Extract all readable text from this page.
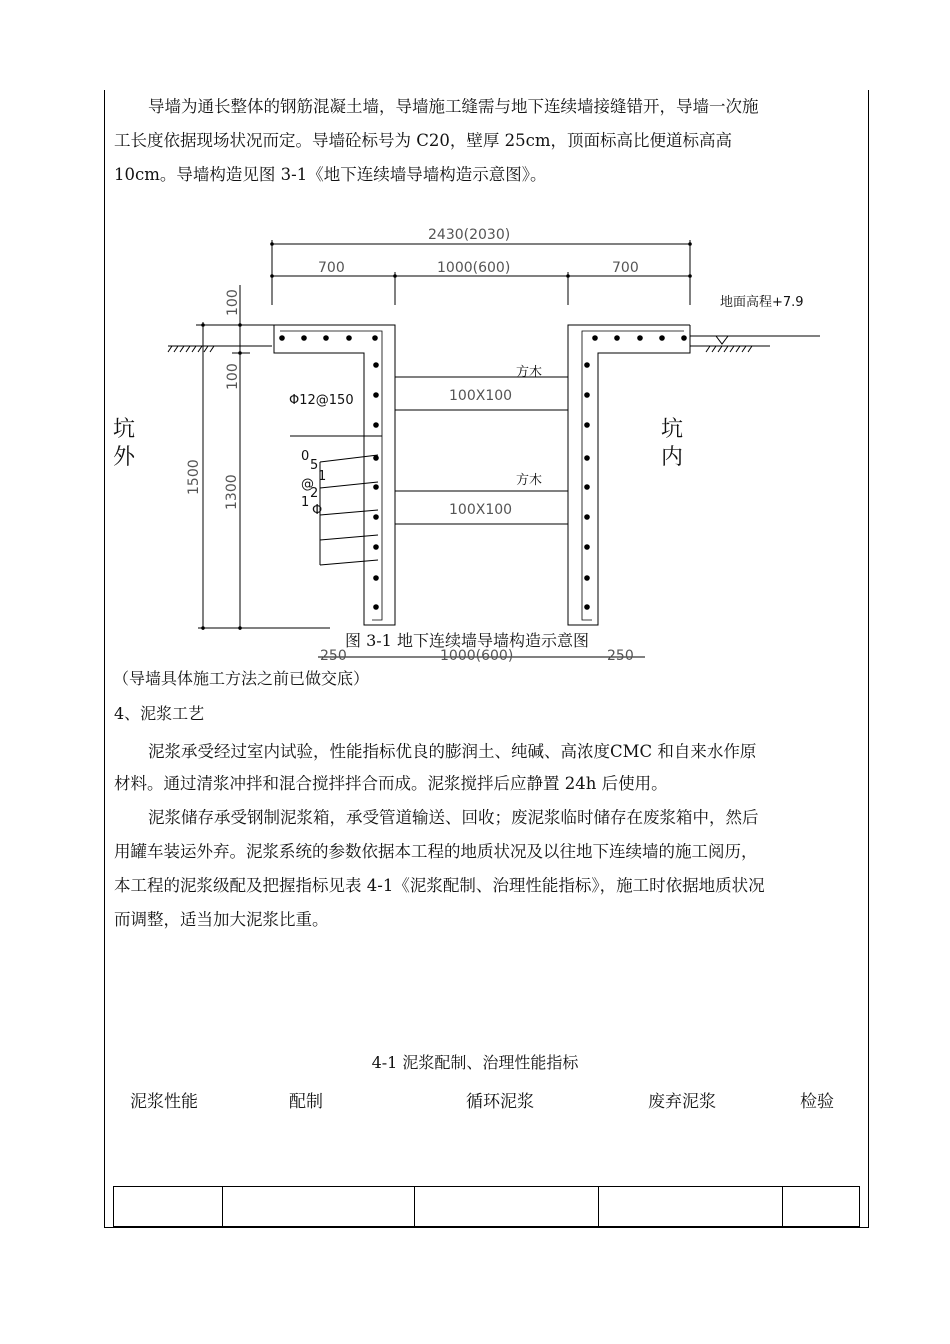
导墙为通长整体的钢筋混凝土墙，导墙施工缝需与地下连续墙接缝错开，导墙一次施

工长度依据现场状况而定。导墙砼标号为 C20，壁厚 25cm，顶面标高比便道标高高

10cm。导墙构造见图 3-1《地下连续墙导墙构造示意图》。

2430(2030)
700	1000(600)	700
100
100
1500 1300
100X100
100X100
250	1000(600)	250
地面高程+7.9
Φ12@150
方木
方木
0
5
1
@
2
1
Φ
坑
外
坑
内
图 3-1 地下连续墙导墙构造示意图
（导墙具体施工方法之前已做交底）
4、泥浆工艺

泥浆承受经过室内试验，性能指标优良的膨润土、纯碱、高浓度CMC 和自来水作原

材料。通过清浆冲拌和混合搅拌拌合而成。泥浆搅拌后应静置 24h 后使用。

泥浆储存承受钢制泥浆箱，承受管道输送、回收；废泥浆临时储存在废浆箱中，然后

用罐车装运外弃。泥浆系统的参数依据本工程的地质状况及以往地下连续墙的施工阅历，

本工程的泥浆级配及把握指标见表 4-1《泥浆配制、治理性能指标》，施工时依据地质状况

而调整，适当加大泥浆比重。

4-1 泥浆配制、治理性能指标
泥浆性能	配制	循环泥浆	废弃泥浆	检验
